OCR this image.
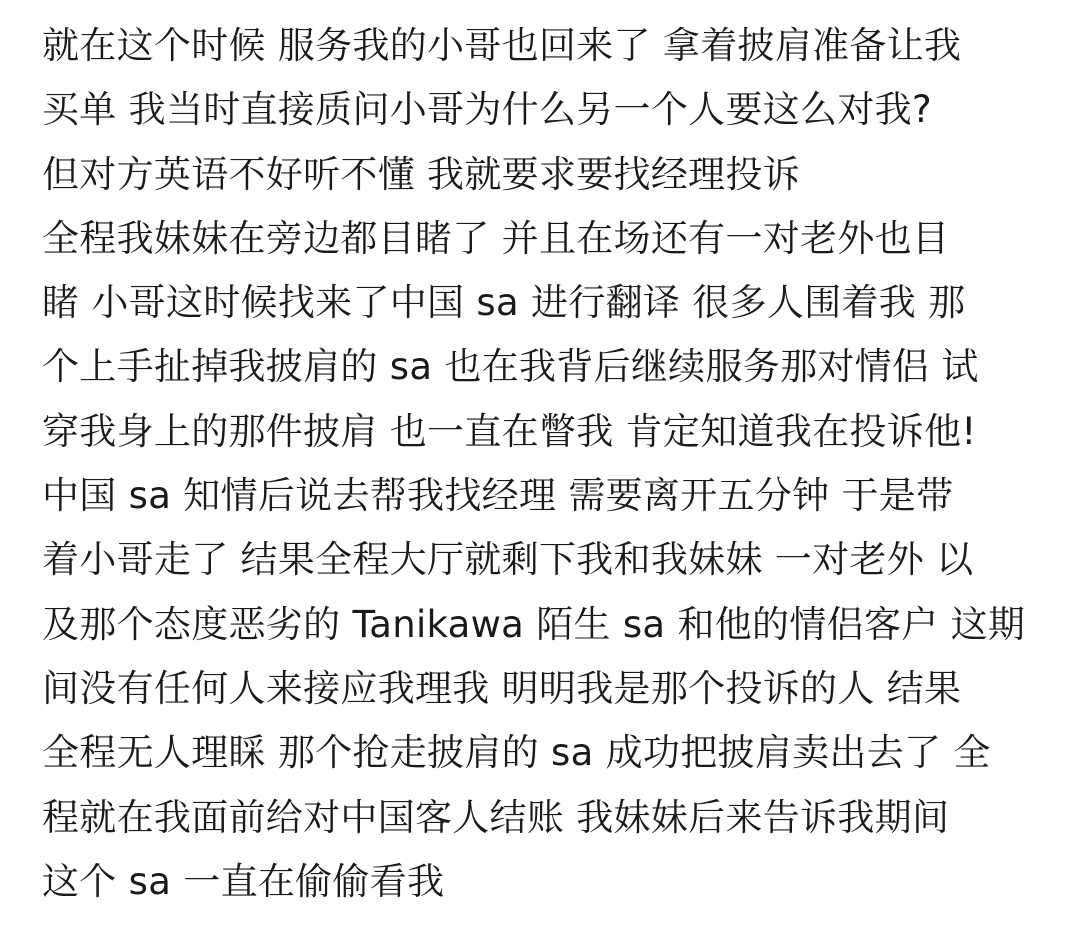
就在这个时候 服务我的小哥也回来了 拿着披肩准备让我
买单 我当时直接质问小哥为什么另一个人要这么对我?
但对方英语不好听不懂 我就要求要找经理投诉
全程我妹妹在旁边都目睹了 并且在场还有一对老外也目
睹 小哥这时候找来了中国 sa 进行翻译 很多人围着我 那
个上手扯掉我披肩的 sa 也在我背后继续服务那对情侣 试
穿我身上的那件披肩 也一直在瞥我 肯定知道我在投诉他!
中国 sa 知情后说去帮我找经理 需要离开五分钟 于是带
着小哥走了 结果全程大厅就剩下我和我妹妹 一对老外 以
及那个态度恶劣的 Tanikawa 陌生 sa 和他的情侣客户 这期
间没有任何人来接应我理我 明明我是那个投诉的人 结果
全程无人理睬 那个抢走披肩的 sa 成功把披肩卖出去了 全
程就在我面前给对中国客人结账 我妹妹后来告诉我期间
这个 sa 一直在偷偷看我
